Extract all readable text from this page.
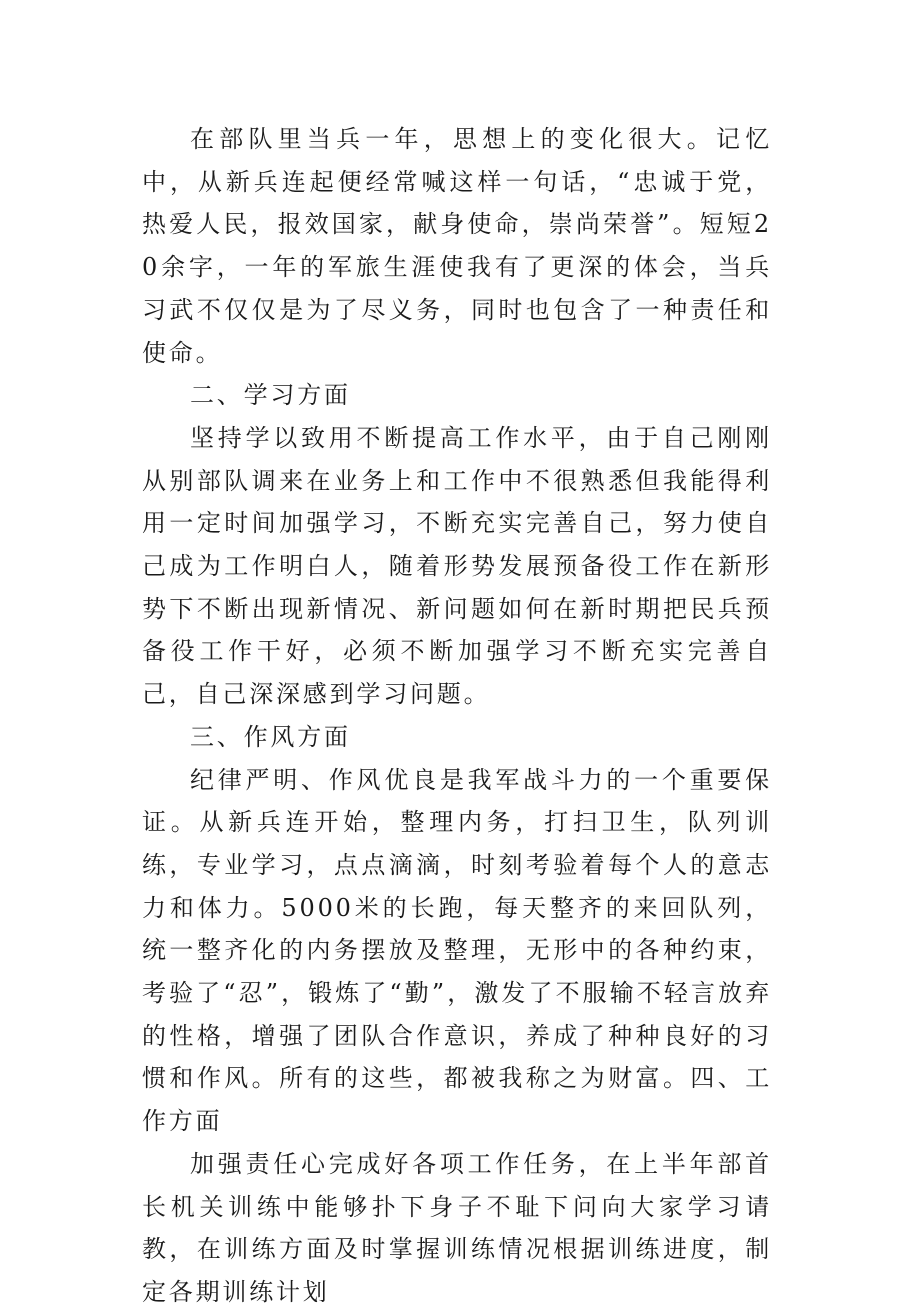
在部队里当兵一年，思想上的变化很大。记忆中，从新兵连起便经常喊这样一句话，“忠诚于党，热爱人民，报效国家，献身使命，崇尚荣誉”。短短20余字，一年的军旅生涯使我有了更深的体会，当兵习武不仅仅是为了尽义务，同时也包含了一种责任和使命。

二、学习方面

坚持学以致用不断提高工作水平，由于自己刚刚从别部队调来在业务上和工作中不很熟悉但我能得利用一定时间加强学习，不断充实完善自己，努力使自己成为工作明白人，随着形势发展预备役工作在新形势下不断出现新情况、新问题如何在新时期把民兵预备役工作干好，必须不断加强学习不断充实完善自己，自己深深感到学习问题。

三、作风方面

纪律严明、作风优良是我军战斗力的一个重要保证。从新兵连开始，整理内务，打扫卫生，队列训练，专业学习，点点滴滴，时刻考验着每个人的意志力和体力。5000米的长跑，每天整齐的来回队列，统一整齐化的内务摆放及整理，无形中的各种约束，考验了“忍”，锻炼了“勤”，激发了不服输不轻言放弃的性格，增强了团队合作意识，养成了种种良好的习惯和作风。所有的这些，都被我称之为财富。四、工作方面

加强责任心完成好各项工作任务，在上半年部首长机关训练中能够扑下身子不耻下问向大家学习请教，在训练方面及时掌握训练情况根据训练进度，制定各期训练计划
